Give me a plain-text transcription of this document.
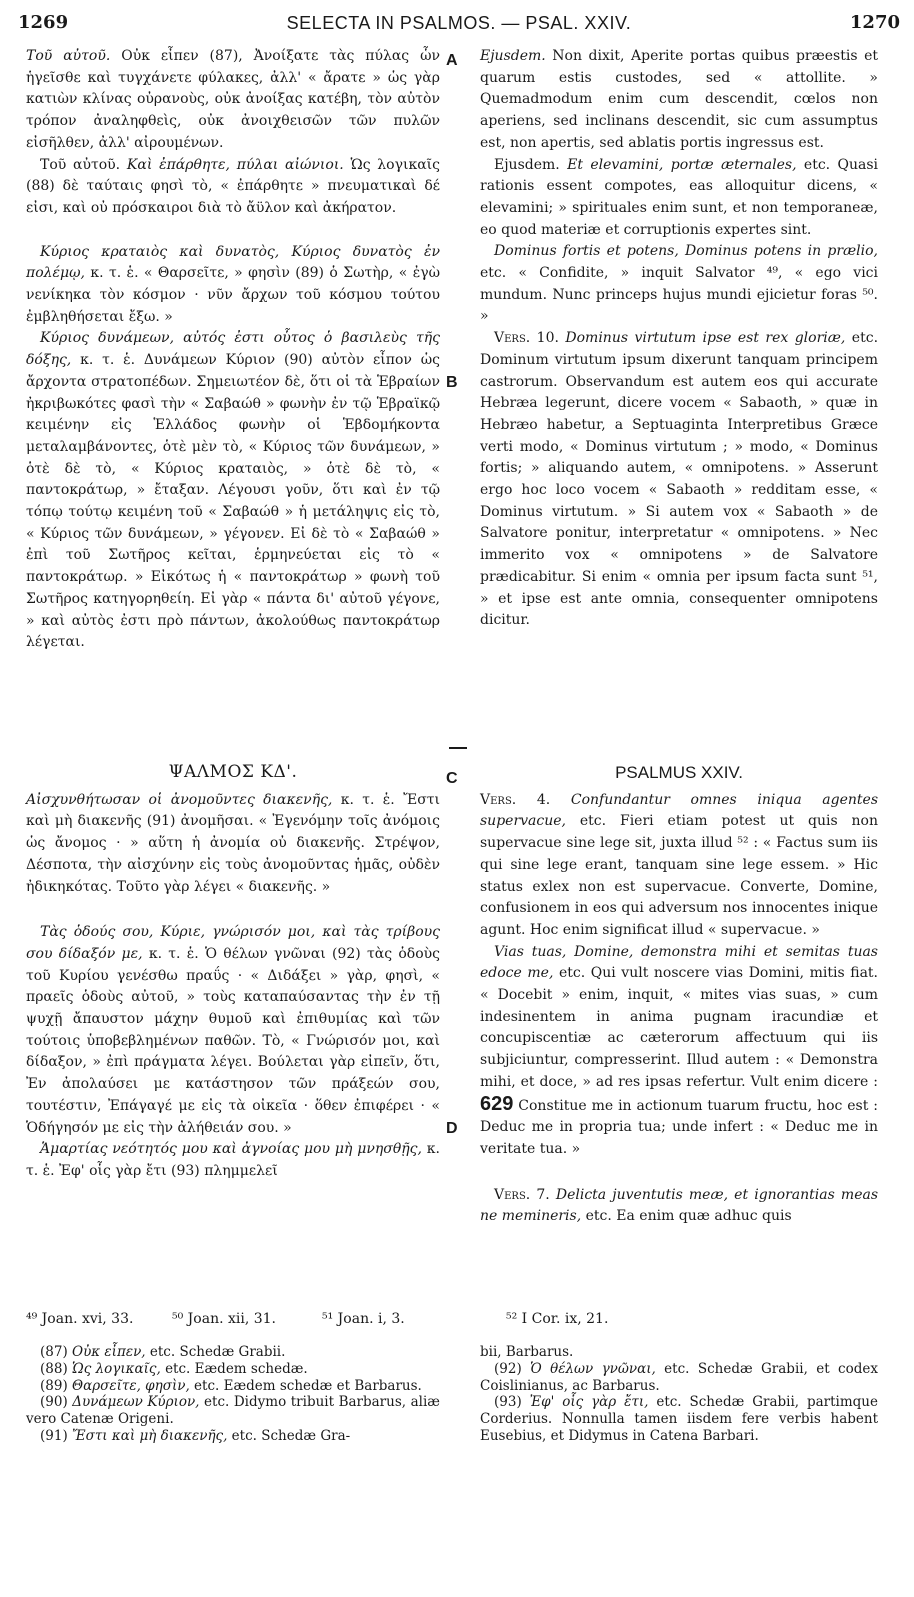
1269	SELECTA IN PSALMOS. — PSAL. XXIV.	1270

Τοῦ αὐτοῦ. Οὐκ εἶπεν (87), Ἀνοίξατε τὰς πύλας ὧν ἡγεῖσθε καὶ τυγχάνετε φύλακες, ἀλλ' « ἄρατε » ὡς γὰρ κατιὼν κλίνας οὐρανοὺς, οὐκ ἀνοίξας κατέβη, τὸν αὐτὸν τρόπον ἀναληφθεὶς, οὐκ ἀνοιχθεισῶν τῶν πυλῶν εἰσῆλθεν, ἀλλ' αἰρουμένων.

Τοῦ αὐτοῦ. Καὶ ἐπάρθητε, πύλαι αἰώνιοι. Ὡς λογικαῖς (88) δὲ ταύταις φησὶ τὸ, « ἐπάρθητε » πνευματικαὶ δέ εἰσι, καὶ οὐ πρόσκαιροι διὰ τὸ ἄϋλον καὶ ἀκήρατον.

Κύριος κραταιὸς καὶ δυνατὸς, Κύριος δυνατὸς ἐν πολέμῳ, κ. τ. ἑ. « Θαρσεῖτε, » φησὶν (89) ὁ Σωτὴρ, « ἐγὼ νενίκηκα τὸν κόσμον · νῦν ἄρχων τοῦ κόσμου τούτου ἐμβληθήσεται ἔξω. »

Κύριος δυνάμεων, αὐτός ἐστι οὗτος ὁ βασιλεὺς τῆς δόξης, κ. τ. ἑ. Δυνάμεων Κύριον (90) αὐτὸν εἶπον ὡς ἄρχοντα στρατοπέδων. Σημειωτέον δὲ, ὅτι οἱ τὰ Ἑβραίων ἠκριβωκότες φασὶ τὴν « Σαβαώθ » φωνὴν ἐν τῷ Ἑβραϊκῷ κειμένην εἰς Ἑλλάδος φωνὴν οἱ Ἑβδομήκοντα μεταλαμβάνοντες, ὁτὲ μὲν τὸ, « Κύριος τῶν δυνάμεων, » ὁτὲ δὲ τὸ, « Κύριος κραταιὸς, » ὁτὲ δὲ τὸ, « παντοκράτωρ, » ἔταξαν. Λέγουσι γοῦν, ὅτι καὶ ἐν τῷ τόπῳ τούτῳ κειμένη τοῦ « Σαβαώθ » ἡ μετάληψις εἰς τὸ, « Κύριος τῶν δυνάμεων, » γέγονεν. Εἰ δὲ τὸ « Σαβαώθ » ἐπὶ τοῦ Σωτῆρος κεῖται, ἑρμηνεύεται εἰς τὸ « παντοκράτωρ. » Εἰκότως ἡ « παντοκράτωρ » φωνὴ τοῦ Σωτῆρος κατηγορηθείη. Εἰ γὰρ « πάντα δι' αὐτοῦ γέγονε, » καὶ αὐτὸς ἐστι πρὸ πάντων, ἀκολούθως παντοκράτωρ λέγεται.

Ejusdem. Non dixit, Aperite portas quibus præestis et quarum estis custodes, sed « attollite. » Quemadmodum enim cum descendit, cœlos non aperiens, sed inclinans descendit, sic cum assumptus est, non apertis, sed ablatis portis ingressus est.

Ejusdem. Et elevamini, portæ æternales, etc. Quasi rationis essent compotes, eas alloquitur dicens, « elevamini; » spirituales enim sunt, et non temporaneæ, eo quod materiæ et corruptionis expertes sint.

Dominus fortis et potens, Dominus potens in prælio, etc. « Confidite, » inquit Salvator ⁴⁹, « ego vici mundum. Nunc princeps hujus mundi ejicietur foras ⁵⁰. »

Vers. 10. Dominus virtutum ipse est rex gloriæ, etc. Dominum virtutum ipsum dixerunt tanquam principem castrorum. Observandum est autem eos qui accurate Hebræa legerunt, dicere vocem « Sabaoth, » quæ in Hebræo habetur, a Septuaginta Interpretibus Græce verti modo, « Dominus virtutum ; » modo, « Dominus fortis; » aliquando autem, « omnipotens. » Asserunt ergo hoc loco vocem « Sabaoth » redditam esse, « Dominus virtutum. » Si autem vox « Sabaoth » de Salvatore ponitur, interpretatur « omnipotens. » Nec immerito vox « omnipotens » de Salvatore prædicabitur. Si enim « omnia per ipsum facta sunt ⁵¹, » et ipse est ante omnia, consequenter omnipotens dicitur.

A
B
C
D

ΨΑΛΜΟΣ ΚΔ'.

Αἰσχυνθήτωσαν οἱ ἀνομοῦντες διακενῆς, κ. τ. ἑ. Ἔστι καὶ μὴ διακενῆς (91) ἀνομῆσαι. « Ἐγενόμην τοῖς ἀνόμοις ὡς ἄνομος · » αὕτη ἡ ἀνομία οὐ διακενῆς. Στρέψον, Δέσποτα, τὴν αἰσχύνην εἰς τοὺς ἀνομοῦντας ἡμᾶς, οὐδὲν ἠδικηκότας. Τοῦτο γὰρ λέγει « διακενῆς. »

Τὰς ὁδούς σου, Κύριε, γνώρισόν μοι, καὶ τὰς τρίβους σου δίδαξόν με, κ. τ. ἑ. Ὁ θέλων γνῶναι (92) τὰς ὁδοὺς τοῦ Κυρίου γενέσθω πραΰς · « Διδάξει » γὰρ, φησὶ, « πραεῖς ὁδοὺς αὐτοῦ, » τοὺς καταπαύσαντας τὴν ἐν τῇ ψυχῇ ἄπαυστον μάχην θυμοῦ καὶ ἐπιθυμίας καὶ τῶν τούτοις ὑποβεβλημένων παθῶν. Τὸ, « Γνώρισόν μοι, καὶ δίδαξον, » ἐπὶ πράγματα λέγει. Βούλεται γὰρ εἰπεῖν, ὅτι, Ἐν ἀπολαύσει με κατάστησον τῶν πράξεών σου, τουτέστιν, Ἐπάγαγέ με εἰς τὰ οἰκεῖα · ὅθεν ἐπιφέρει · « Ὁδήγησόν με εἰς τὴν ἀλήθειάν σου. »

Ἁμαρτίας νεότητός μου καὶ ἀγνοίας μου μὴ μνησθῇς, κ. τ. ἑ. Ἐφ' οἷς γὰρ ἔτι (93) πλημμελεῖ

PSALMUS XXIV.

Vers. 4. Confundantur omnes iniqua agentes supervacue, etc. Fieri etiam potest ut quis non supervacue sine lege sit, juxta illud ⁵² : « Factus sum iis qui sine lege erant, tanquam sine lege essem. » Hic status exlex non est supervacue. Converte, Domine, confusionem in eos qui adversum nos innocentes inique agunt. Hoc enim significat illud « supervacue. »

Vias tuas, Domine, demonstra mihi et semitas tuas edoce me, etc. Qui vult noscere vias Domini, mitis fiat. « Docebit » enim, inquit, « mites vias suas, » cum indesinentem in anima pugnam iracundiæ et concupiscentiæ ac cæterorum affectuum qui iis subjiciuntur, compresserint. Illud autem : « Demonstra mihi, et doce, » ad res ipsas refertur. Vult enim dicere : 629 Constitue me in actionum tuarum fructu, hoc est : Deduc me in propria tua; unde infert : « Deduc me in veritate tua. »

Vers. 7. Delicta juventutis meæ, et ignorantias meas ne memineris, etc. Ea enim quæ adhuc quis

⁴⁹ Joan. xvi, 33.	⁵⁰ Joan. xii, 31.	⁵¹ Joan. i, 3.	⁵² I Cor. ix, 21.

(87) Οὐκ εἶπεν, etc. Schedæ Grabii.

(88) Ὡς λογικαῖς, etc. Eædem schedæ.

(89) Θαρσεῖτε, φησὶν, etc. Eædem schedæ et Barbarus.

(90) Δυνάμεων Κύριον, etc. Didymo tribuit Barbarus, aliæ vero Catenæ Origeni.

(91) Ἔστι καὶ μὴ διακενῆς, etc. Schedæ Gra-

bii, Barbarus.

(92) Ὁ θέλων γνῶναι, etc. Schedæ Grabii, et codex Coislinianus, ac Barbarus.

(93) Ἐφ' οἷς γὰρ ἔτι, etc. Schedæ Grabii, partimque Corderius. Nonnulla tamen iisdem fere verbis habent Eusebius, et Didymus in Catena Barbari.
